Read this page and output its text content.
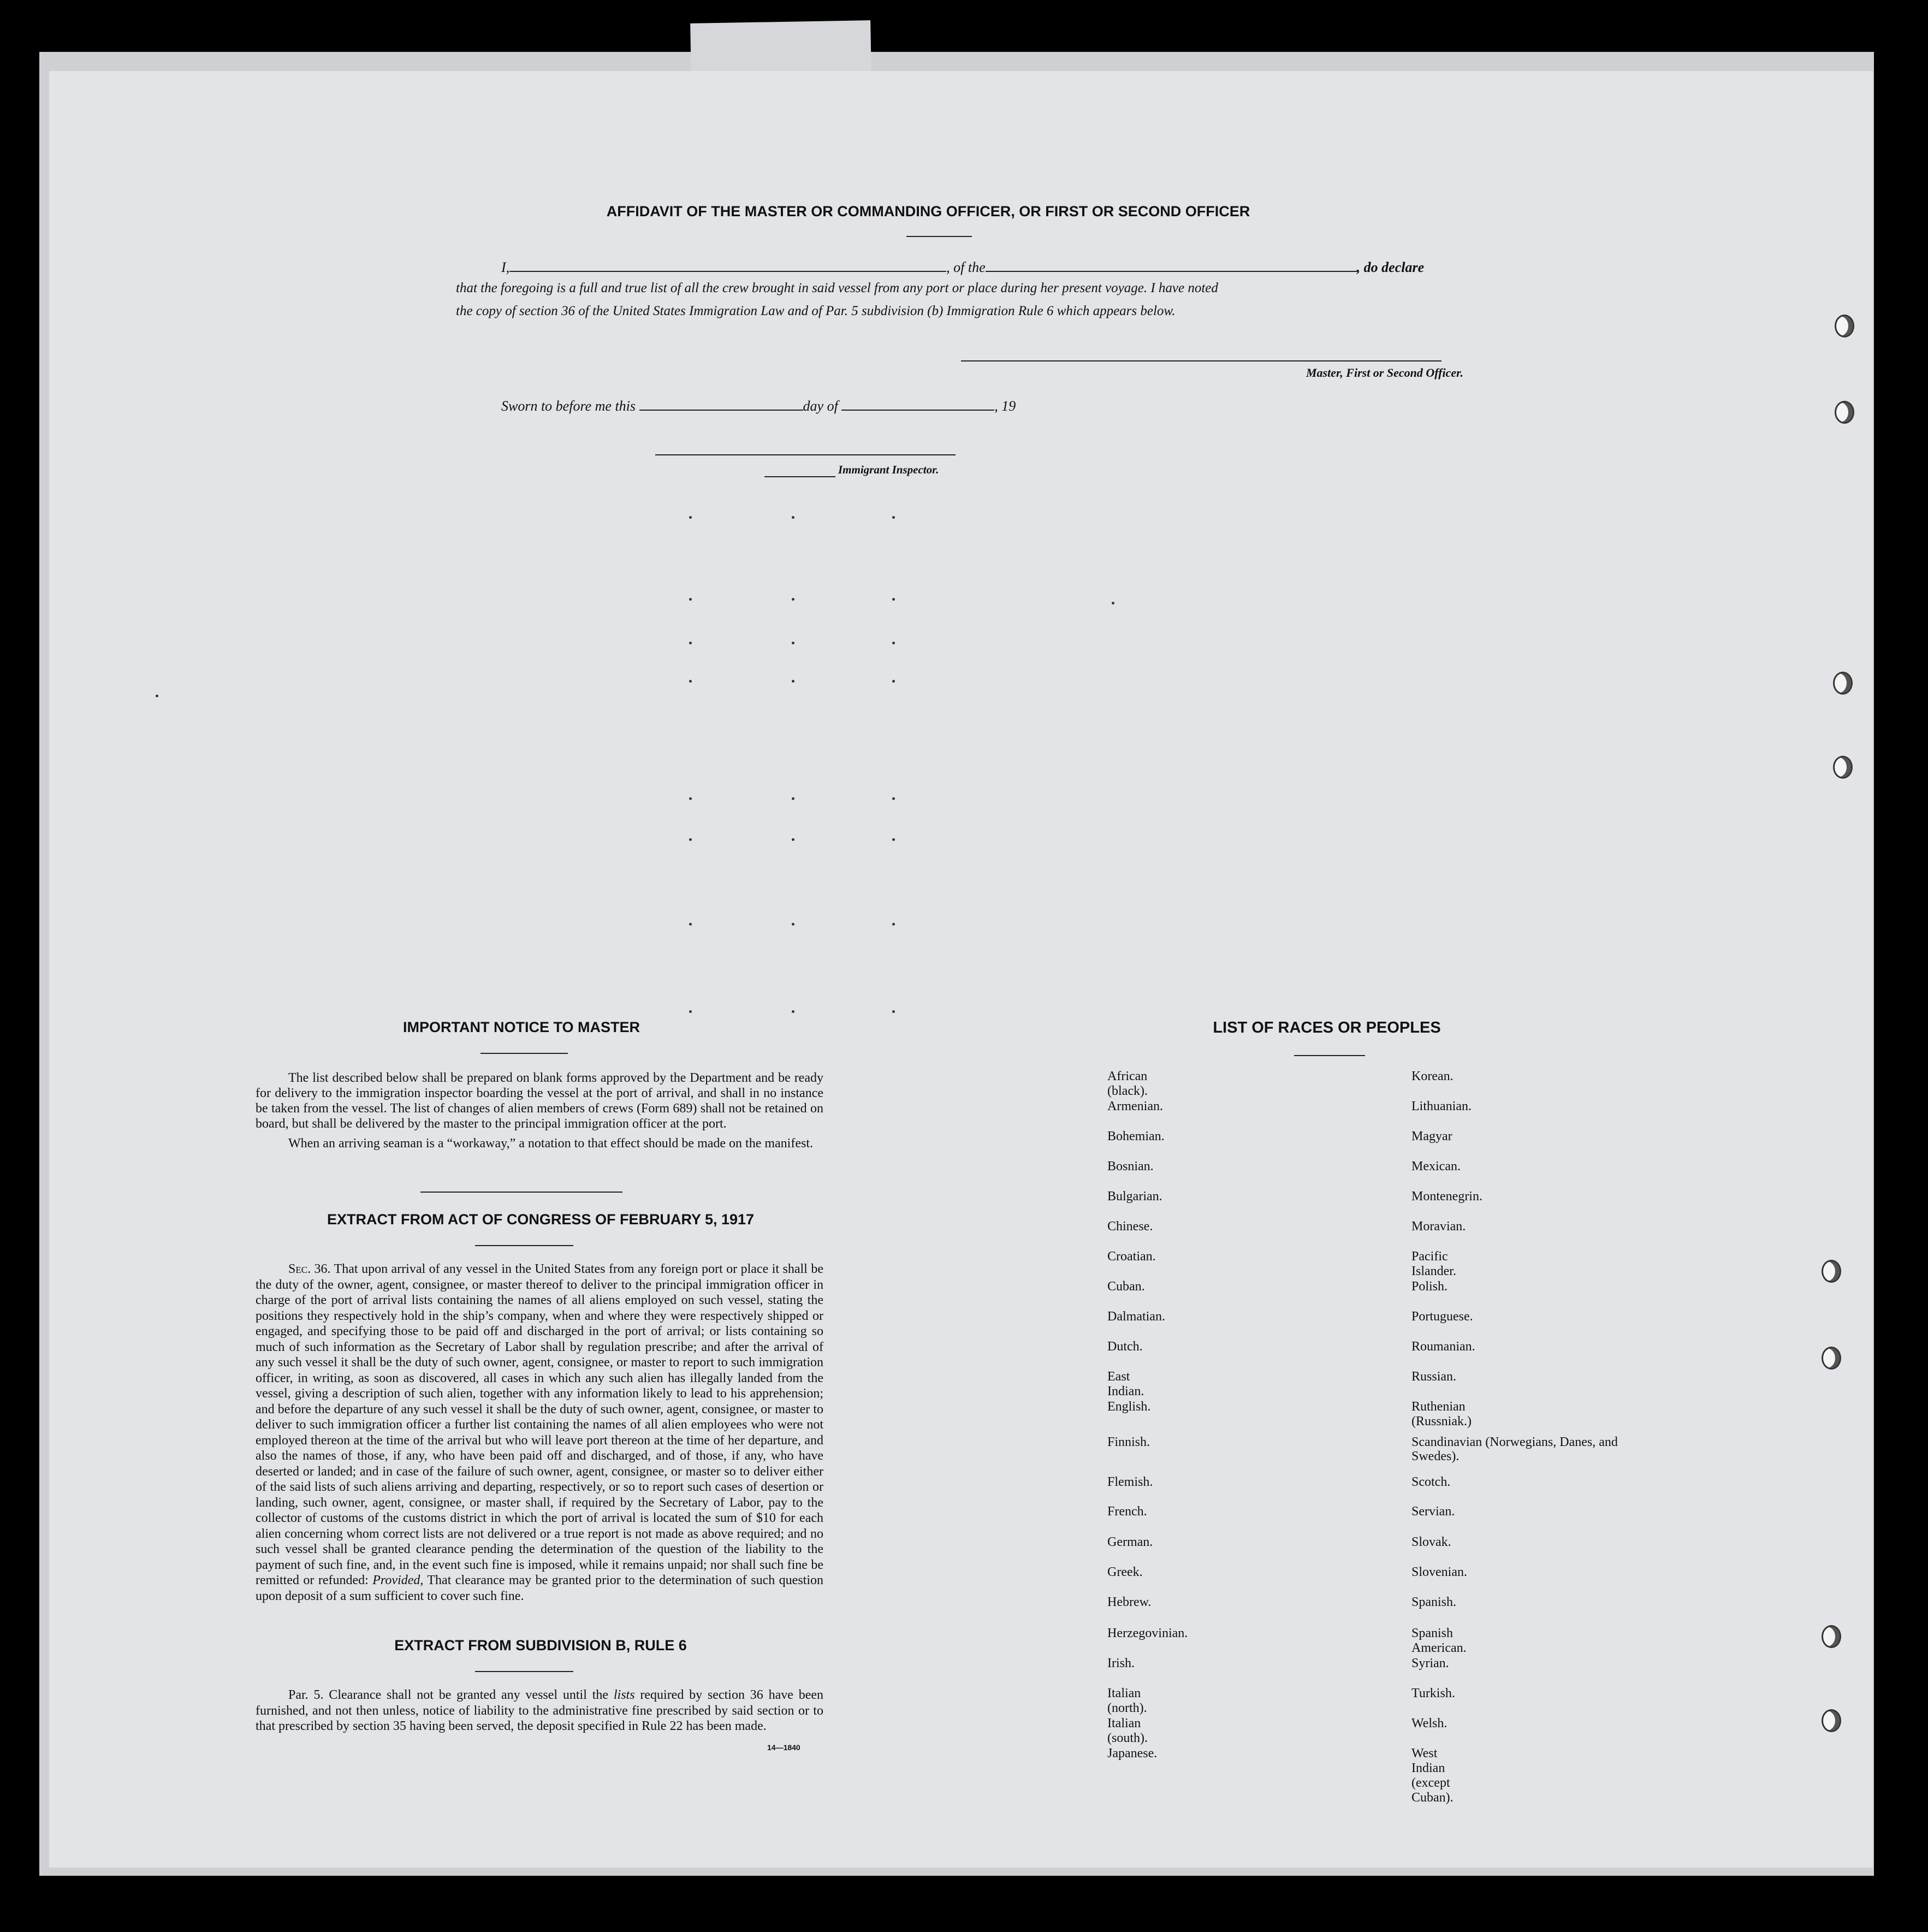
AFFIDAVIT OF THE MASTER OR COMMANDING OFFICER, OR FIRST OR SECOND OFFICER
I,	, of the	, do declare
that the foregoing is a full and true list of all the crew brought in said vessel from any port or place during her present voyage. I have noted
the copy of section 36 of the United States Immigration Law and of Par. 5 subdivision (b) Immigration Rule 6 which appears below.
Master, First or Second Officer.
Sworn to before me this	day of	, 19
Immigrant Inspector.
IMPORTANT NOTICE TO MASTER

The list described below shall be prepared on blank forms approved by the Department and be ready for delivery to the immigration inspector boarding the vessel at the port of arrival, and shall in no instance be taken from the vessel. The list of changes of alien members of crews (Form 689) shall not be retained on board, but shall be delivered by the master to the principal immigration officer at the port.

When an arriving seaman is a “workaway,” a notation to that effect should be made on the manifest.

EXTRACT FROM ACT OF CONGRESS OF FEBRUARY 5, 1917

Sec. 36. That upon arrival of any vessel in the United States from any foreign port or place it shall be the duty of the owner, agent, consignee, or master thereof to deliver to the principal immigration officer in charge of the port of arrival lists containing the names of all aliens employed on such vessel, stating the positions they respectively hold in the ship’s company, when and where they were respectively shipped or engaged, and specifying those to be paid off and discharged in the port of arrival; or lists containing so much of such information as the Secretary of Labor shall by regulation prescribe; and after the arrival of any such vessel it shall be the duty of such owner, agent, consignee, or master to report to such immigration officer, in writing, as soon as discovered, all cases in which any such alien has illegally landed from the vessel, giving a description of such alien, together with any information likely to lead to his apprehension; and before the departure of any such vessel it shall be the duty of such owner, agent, consignee, or master to deliver to such immigration officer a further list containing the names of all alien employees who were not employed thereon at the time of the arrival but who will leave port thereon at the time of her departure, and also the names of those, if any, who have been paid off and discharged, and of those, if any, who have deserted or landed; and in case of the failure of such owner, agent, consignee, or master so to deliver either of the said lists of such aliens arriving and departing, respectively, or so to report such cases of desertion or landing, such owner, agent, consignee, or master shall, if required by the Secretary of Labor, pay to the collector of customs of the customs district in which the port of arrival is located the sum of $10 for each alien concerning whom correct lists are not delivered or a true report is not made as above required; and no such vessel shall be granted clearance pending the determination of the question of the liability to the payment of such fine, and, in the event such fine is imposed, while it remains unpaid; nor shall such fine be remitted or refunded: Provided, That clearance may be granted prior to the determination of such question upon deposit of a sum sufficient to cover such fine.

EXTRACT FROM SUBDIVISION B, RULE 6

Par. 5. Clearance shall not be granted any vessel until the lists required by section 36 have been furnished, and not then unless, notice of liability to the administrative fine prescribed by said section or to that prescribed by section 35 having been served, the deposit specified in Rule 22 has been made.

14—1840
LIST OF RACES OR PEOPLES
African (black).
Armenian.
Bohemian.
Bosnian.
Bulgarian.
Chinese.
Croatian.
Cuban.
Dalmatian.
Dutch.
East Indian.
English.
Finnish.
Flemish.
French.
German.
Greek.
Hebrew.
Herzegovinian.
Irish.
Italian (north).
Italian (south).
Japanese.
Korean.
Lithuanian.
Magyar
Mexican.
Montenegrin.
Moravian.
Pacific Islander.
Polish.
Portuguese.
Roumanian.
Russian.
Ruthenian (Russniak.)
Scandinavian (Norwegians, Danes, and Swedes).
Scotch.
Servian.
Slovak.
Slovenian.
Spanish.
Spanish American.
Syrian.
Turkish.
Welsh.
West Indian (except Cuban).
